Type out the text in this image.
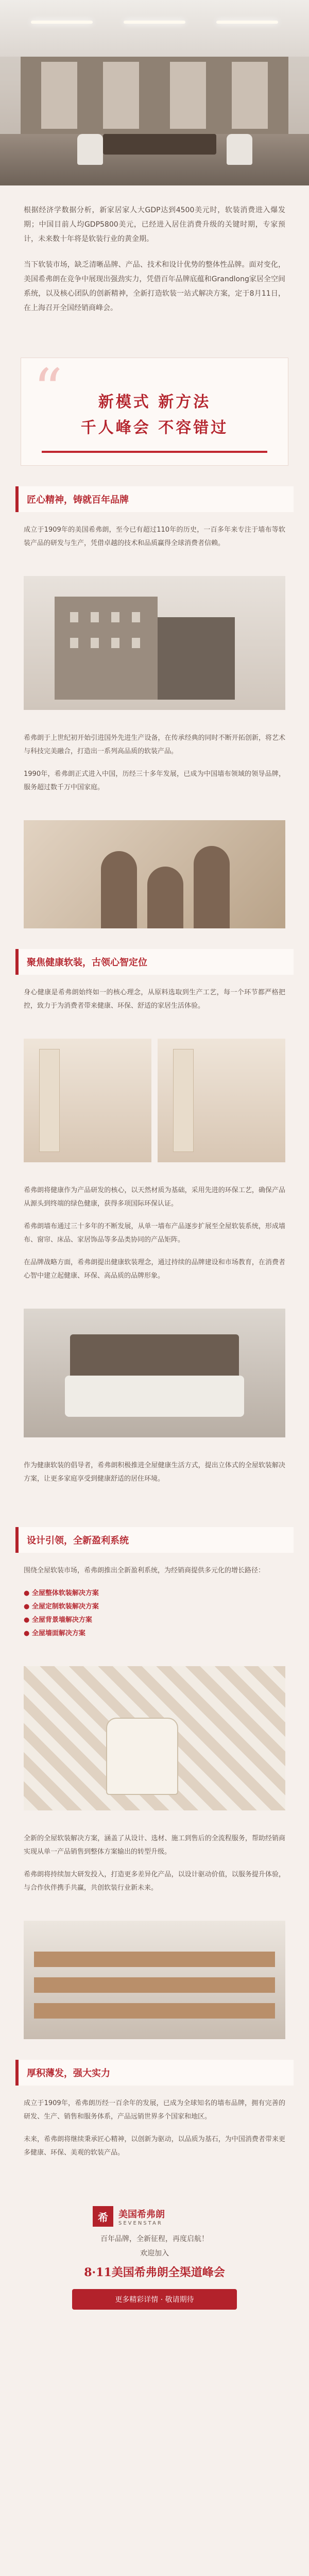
根据经济学数据分析，新家居家人大GDP达到4500美元时，软装消费进入爆发期；中国目前人均GDP5800美元，已经进入居住消费升级的关键时期，专家预计，未来数十年将是软装行业的黄金期。

当下软装市场，缺乏清晰品牌、产品、技术和设计优势的整体性品牌。面对变化，美国希弗朗在竞争中展现出强劲实力，凭借百年品牌底蕴和Grandlong家居全空间系统，以及核心团队的创新精神，全新打造软装一站式解决方案，定于8月11日，在上海召开全国经销商峰会。

“	新模式 新方法
千人峰会 不容错过
匠心精神，铸就百年品牌

成立于1909年的美国希弗朗，至今已有超过110年的历史，一百多年来专注于墙布等软装产品的研发与生产，凭借卓越的技术和品质赢得全球消费者信赖。

希弗朗于上世纪初开始引进国外先进生产设备，在传承经典的同时不断开拓创新，将艺术与科技完美融合，打造出一系列高品质的软装产品。

1990年，希弗朗正式进入中国，历经三十多年发展，已成为中国墙布领域的领导品牌，服务超过数千万中国家庭。

聚焦健康软装，古领心智定位

身心健康是希弗朗始终如一的核心理念，从原料选取到生产工艺，每一个环节都严格把控，致力于为消费者带来健康、环保、舒适的家居生活体验。

希弗朗将健康作为产品研发的核心，以天然材质为基础，采用先进的环保工艺，确保产品从源头到终端的绿色健康，获得多项国际环保认证。

希弗朗墙布通过三十多年的不断发展，从单一墙布产品逐步扩展至全屋软装系统，形成墙布、窗帘、床品、家居饰品等多品类协同的产品矩阵。

在品牌战略方面，希弗朗提出健康软装理念，通过持续的品牌建设和市场教育，在消费者心智中建立起健康、环保、高品质的品牌形象。

作为健康软装的倡导者，希弗朗积极推进全屋健康生活方式，提出立体式的全屋软装解决方案，让更多家庭享受到健康舒适的居住环境。

设计引领，全新盈利系统

围绕全屋软装市场，希弗朗推出全新盈利系统，为经销商提供多元化的增长路径：

● 全屋整体软装解决方案
● 全屋定制软装解决方案
● 全屋背景墙解决方案
● 全屋墙面解决方案

全新的全屋软装解决方案，涵盖了从设计、选材、施工到售后的全流程服务，帮助经销商实现从单一产品销售到整体方案输出的转型升级。

希弗朗将持续加大研发投入，打造更多差异化产品，以设计驱动价值，以服务提升体验，与合作伙伴携手共赢，共创软装行业新未来。

厚积薄发，强大实力

成立于1909年，希弗朗历经一百余年的发展，已成为全球知名的墙布品牌，拥有完善的研发、生产、销售和服务体系，产品远销世界多个国家和地区。

未来，希弗朗将继续秉承匠心精神，以创新为驱动，以品质为基石，为中国消费者带来更多健康、环保、美观的软装产品。

希	美国希弗朗
SEVENSTAR
百年品牌，全新征程，再度启航！
欢迎加入
8·11美国希弗朗全渠道峰会
更多精彩详情 · 敬请期待
